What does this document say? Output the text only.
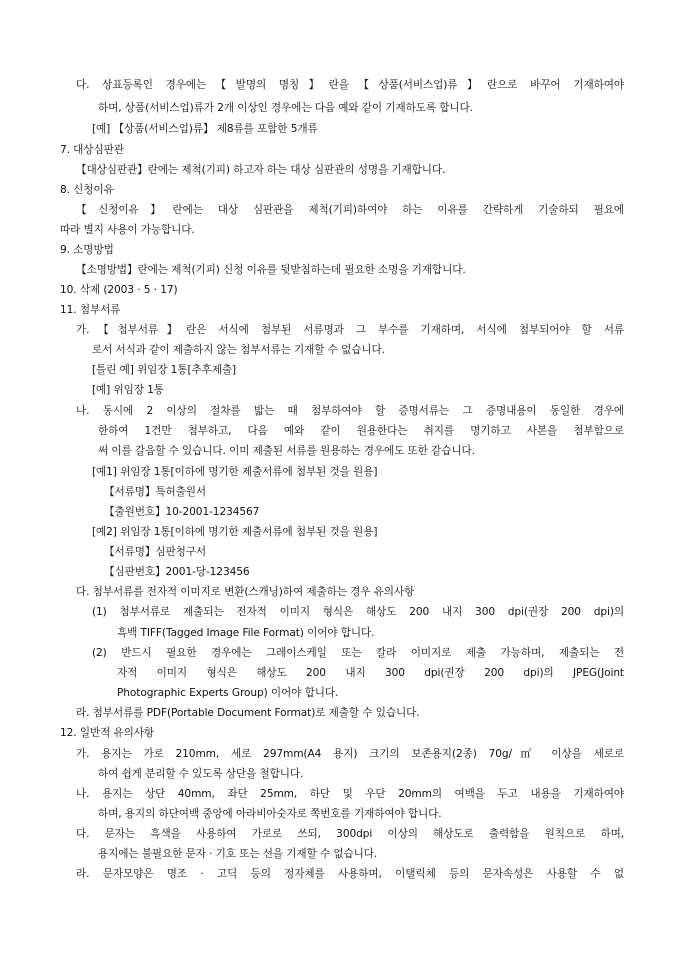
다. 상표등록인 경우에는【발명의 명칭】란을【상품(서비스업)류】란으로 바꾸어 기재하여야
하며, 상품(서비스업)류가 2개 이상인 경우에는 다음 예와 같이 기재하도록 합니다.
[예] 【상품(서비스업)류】 제8류를 포함한 5개류
7. 대상심판관
【대상심판관】란에는 제척(기피) 하고자 하는 대상 심판관의 성명을 기재합니다.
8. 신청이유
【신청이유】란에는 대상 심판관을 제척(기피)하여야 하는 이유를 간략하게 기술하되 필요에
따라 별지 사용이 가능합니다.
9. 소명방법
【소명방법】란에는 제척(기피) 신청 이유를 뒷받침하는데 필요한 소명을 기재합니다.
10. 삭제 (2003 · 5 · 17)
11. 첨부서류
가.【첨부서류】란은 서식에 첨부된 서류명과 그 부수를 기재하며, 서식에 첨부되어야 할 서류
로서 서식과 같이 제출하지 않는 첨부서류는 기재할 수 없습니다.
[틀린 예] 위임장 1통[추후제출]
[예] 위임장 1통
나. 동시에 2 이상의 절차를 밟는 때 첨부하여야 할 증명서류는 그 증명내용이 동일한 경우에
한하여 1건만 첨부하고, 다음 예와 같이 원용한다는 취지를 명기하고 사본을 첨부함으로
써 이를 갈음할 수 있습니다. 이미 제출된 서류를 원용하는 경우에도 또한 같습니다.
[예1] 위임장 1통[이하에 명기한 제출서류에 첨부된 것을 원용]
【서류명】특허출원서
【출원번호】10-2001-1234567
[예2] 위임장 1통[이하에 명기한 제출서류에 첨부된 것을 원용]
【서류명】심판청구서
【심판번호】2001-당-123456
다. 첨부서류를 전자적 이미지로 변환(스캐닝)하여 제출하는 경우 유의사항
(1) 첨부서류로 제출되는 전자적 이미지 형식은 해상도 200 내지 300 dpi(권장 200 dpi)의
흑백 TIFF(Tagged Image File Format) 이어야 합니다.
(2) 반드시 필요한 경우에는 그레이스케일 또는 칼라 이미지로 제출 가능하며, 제출되는 전
자적 이미지 형식은 해상도 200 내지 300 dpi(권장 200 dpi)의 JPEG(Joint
Photographic Experts Group) 이어야 합니다.
라. 첨부서류를 PDF(Portable Document Format)로 제출할 수 있습니다.
12. 일반적 유의사항
가. 용지는 가로 210mm, 세로 297mm(A4 용지) 크기의 보존용지(2종) 70g/㎡ 이상을 세로로
하여 쉽게 분리할 수 있도록 상단을 철합니다.
나. 용지는 상단 40mm, 좌단 25mm, 하단 및 우단 20mm의 여백을 두고 내용을 기재하여야
하며, 용지의 하단여백 중앙에 아라비아숫자로 쪽번호를 기재하여야 합니다.
다. 문자는 흑색을 사용하여 가로로 쓰되, 300dpi 이상의 해상도로 출력함을 원칙으로 하며,
용지에는 불필요한 문자 · 기호 또는 선을 기재할 수 없습니다.
라. 문자모양은 명조 · 고딕 등의 정자체를 사용하며, 이탤릭체 등의 문자속성은 사용할 수 없
